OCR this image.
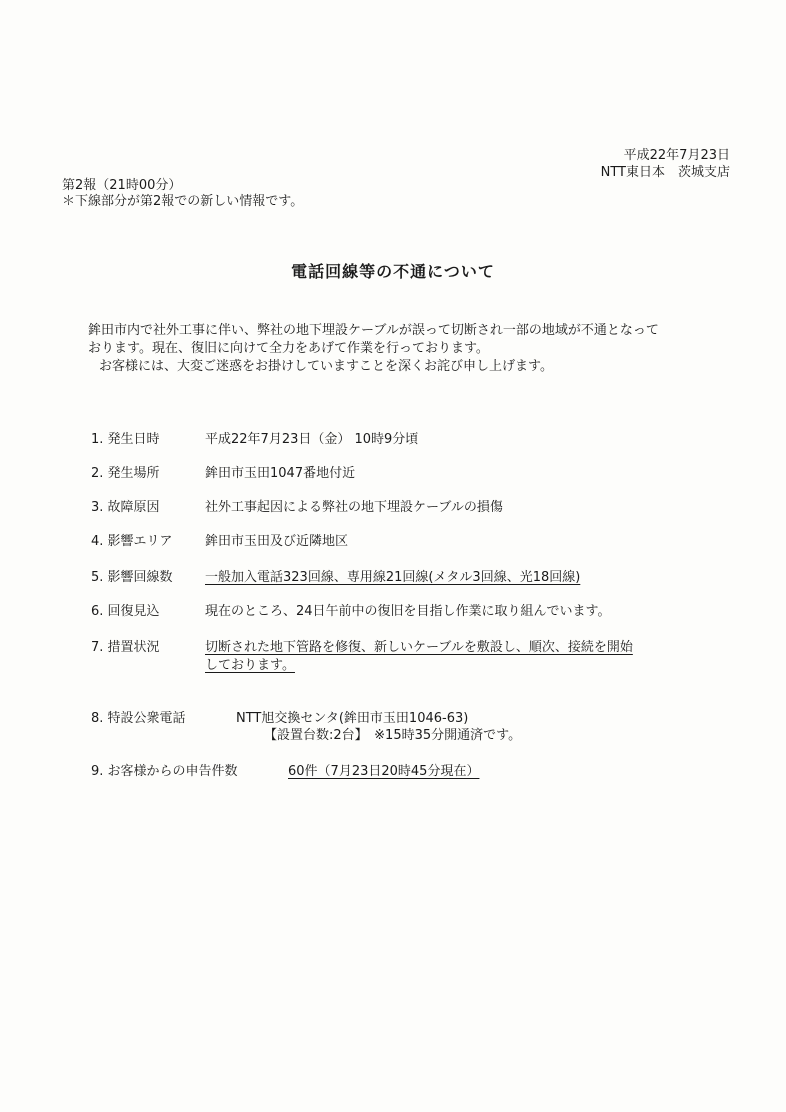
平成22年7月23日
NTT東日本　茨城支店
第2報（21時00分）
＊下線部分が第2報での新しい情報です。
電話回線等の不通について
鉾田市内で社外工事に伴い、弊社の地下埋設ケーブルが誤って切断され一部の地域が不通となって
おります。現在、復旧に向けて全力をあげて作業を行っております。
お客様には、大変ご迷惑をお掛けしていますことを深くお詫び申し上げます。
1. 発生日時	平成22年7月23日（金） 10時9分頃
2. 発生場所	鉾田市玉田1047番地付近
3. 故障原因	社外工事起因による弊社の地下埋設ケーブルの損傷
4. 影響エリア 鉾田市玉田及び近隣地区
5. 影響回線数 一般加入電話323回線、専用線21回線(メタル3回線、光18回線)
6. 回復見込	現在のところ、24日午前中の復旧を目指し作業に取り組んでいます。
7. 措置状況	切断された地下管路を修復、新しいケーブルを敷設し、順次、接続を開始
しております。
8. 特設公衆電話	NTT旭交換センタ(鉾田市玉田1046-63)
【設置台数:2台】　※15時35分開通済です。
9. お客様からの申告件数	60件（7月23日20時45分現在）
